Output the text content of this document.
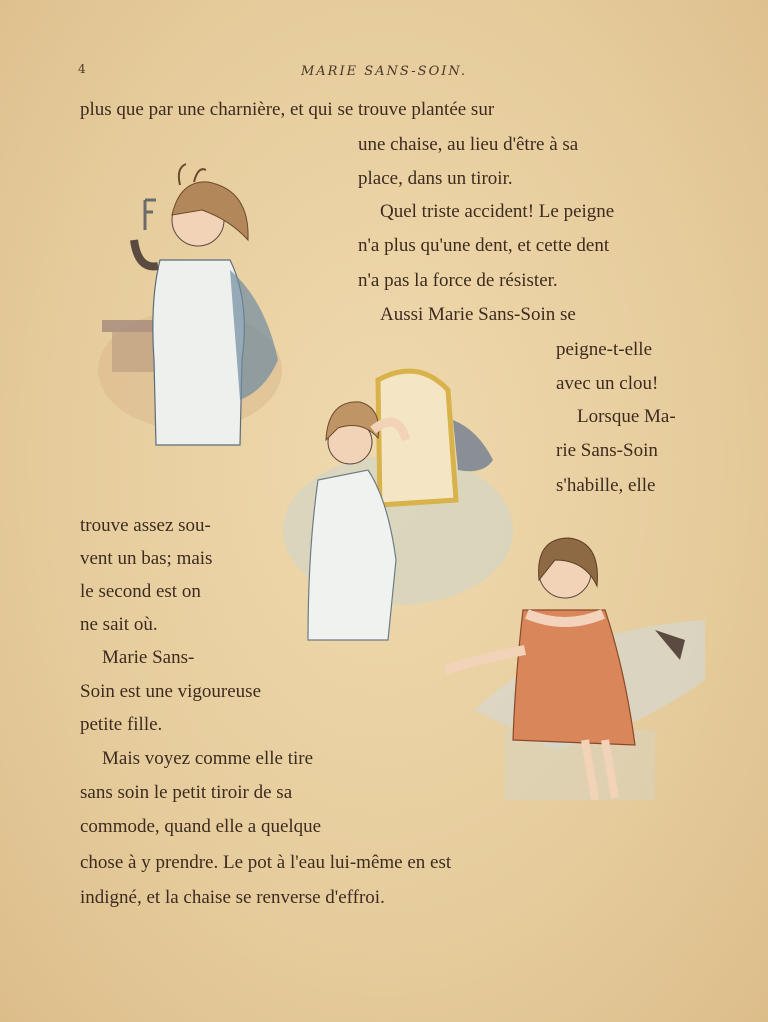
4	MARIE SANS-SOIN.
plus que par une charnière, et qui se trouve plantée sur
une chaise, au lieu d'être à sa
place, dans un tiroir.
Quel triste accident! Le peigne
n'a plus qu'une dent, et cette dent
n'a pas la force de résister.
Aussi Marie Sans-Soin se
peigne-t-elle
avec un clou!
Lorsque Ma-
rie Sans-Soin
s'habille, elle
trouve assez sou-
vent un bas; mais
le second est on
ne sait où.
Marie Sans-
Soin est une vigoureuse
petite fille.
Mais voyez comme elle tire
sans soin le petit tiroir de sa
commode, quand elle a quelque
chose à y prendre. Le pot à l'eau lui-même en est
indigné, et la chaise se renverse d'effroi.
